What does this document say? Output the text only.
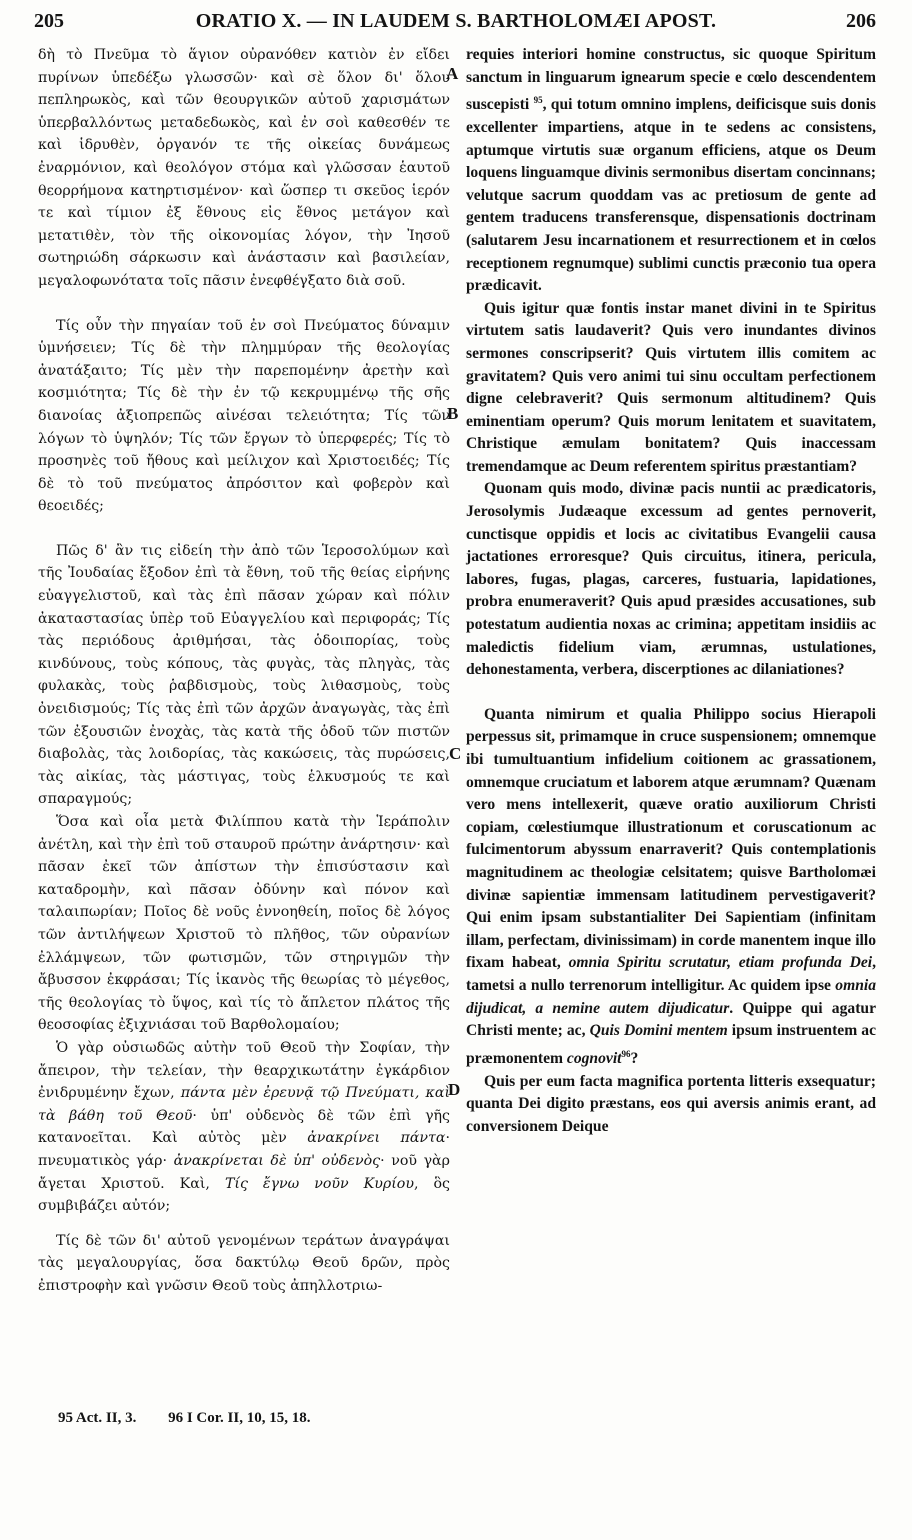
205	ORATIO X. — IN LAUDEM S. BARTHOLOMÆI APOST.	206

δὴ τὸ Πνεῦμα τὸ ἅγιον οὐρανόθεν κατιὸν ἐν εἴδει πυρίνων ὑπεδέξω γλωσσῶν· καὶ σὲ ὅλον δι' ὅλου πεπληρωκὸς, καὶ τῶν θεουργικῶν αὐτοῦ χαρισμάτων ὑπερβαλλόντως μεταδεδωκὸς, καὶ ἐν σοὶ καθεσθέν τε καὶ ἱδρυθὲν, ὀργανόν τε τῆς οἰκείας δυνάμεως ἐναρμόνιον, καὶ θεολόγον στόμα καὶ γλῶσσαν ἑαυτοῦ θεορρήμονα κατηρτισμένον· καὶ ὥσπερ τι σκεῦος ἱερόν τε καὶ τίμιον ἐξ ἔθνους εἰς ἔθνος μετάγον καὶ μετατιθὲν, τὸν τῆς οἰκονομίας λόγον, τὴν Ἰησοῦ σωτηριώδη σάρκωσιν καὶ ἀνάστασιν καὶ βασιλείαν, μεγαλοφωνότατα τοῖς πᾶσιν ἐνεφθέγξατο διὰ σοῦ.

Τίς οὖν τὴν πηγαίαν τοῦ ἐν σοὶ Πνεύματος δύναμιν ὑμνήσειεν; Τίς δὲ τὴν πλημμύραν τῆς θεολογίας ἀνατάξαιτο; Τίς μὲν τὴν παρεπομένην ἀρετὴν καὶ κοσμιότητα; Τίς δὲ τὴν ἐν τῷ κεκρυμμένῳ τῆς σῆς διανοίας ἀξιοπρεπῶς αἰνέσαι τελειότητα; Τίς τῶν λόγων τὸ ὑψηλόν; Τίς τῶν ἔργων τὸ ὑπερφερές; Τίς τὸ προσηνὲς τοῦ ἤθους καὶ μείλιχον καὶ Χριστοειδές; Τίς δὲ τὸ τοῦ πνεύματος ἀπρόσιτον καὶ φοβερὸν καὶ θεοειδές;

Πῶς δ' ἂν τις εἰδείη τὴν ἀπὸ τῶν Ἱεροσολύμων καὶ τῆς Ἰουδαίας ἔξοδον ἐπὶ τὰ ἔθνη, τοῦ τῆς θείας εἰρήνης εὐαγγελιστοῦ, καὶ τὰς ἐπὶ πᾶσαν χώραν καὶ πόλιν ἀκαταστασίας ὑπὲρ τοῦ Εὐαγγελίου καὶ περιφοράς; Τίς τὰς περιόδους ἀριθμήσαι, τὰς ὁδοιπορίας, τοὺς κινδύνους, τοὺς κόπους, τὰς φυγὰς, τὰς πληγὰς, τὰς φυλακὰς, τοὺς ῥαβδισμοὺς, τοὺς λιθασμοὺς, τοὺς ὀνειδισμούς; Τίς τὰς ἐπὶ τῶν ἀρχῶν ἀναγωγὰς, τὰς ἐπὶ τῶν ἐξουσιῶν ἐνοχὰς, τὰς κατὰ τῆς ὁδοῦ τῶν πιστῶν διαβολὰς, τὰς λοιδορίας, τὰς κακώσεις, τὰς πυρώσεις, τὰς αἰκίας, τὰς μάστιγας, τοὺς ἑλκυσμούς τε καὶ σπαραγμούς;

Ὅσα καὶ οἷα μετὰ Φιλίππου κατὰ τὴν Ἱεράπολιν ἀνέτλη, καὶ τὴν ἐπὶ τοῦ σταυροῦ πρώτην ἀνάρτησιν· καὶ πᾶσαν ἐκεῖ τῶν ἀπίστων τὴν ἐπισύστασιν καὶ καταδρομὴν, καὶ πᾶσαν ὀδύνην καὶ πόνον καὶ ταλαιπωρίαν; Ποῖος δὲ νοῦς ἐννοηθείη, ποῖος δὲ λόγος τῶν ἀντιλήψεων Χριστοῦ τὸ πλῆθος, τῶν οὐρανίων ἐλλάμψεων, τῶν φωτισμῶν, τῶν στηριγμῶν τὴν ἄβυσσον ἐκφράσαι; Τίς ἱκανὸς τῆς θεωρίας τὸ μέγεθος, τῆς θεολογίας τὸ ὕψος, καὶ τίς τὸ ἄπλετον πλάτος τῆς θεοσοφίας ἐξιχνιάσαι τοῦ Βαρθολομαίου;

Ὁ γὰρ οὐσιωδῶς αὐτὴν τοῦ Θεοῦ τὴν Σοφίαν, τὴν ἄπειρον, τὴν τελείαν, τὴν θεαρχικωτάτην ἐγκάρδιον ἐνιδρυμένην ἔχων, πάντα μὲν ἐρευνᾷ τῷ Πνεύματι, καὶ τὰ βάθη τοῦ Θεοῦ· ὑπ' οὐδενὸς δὲ τῶν ἐπὶ γῆς κατανοεῖται. Καὶ αὐτὸς μὲν ἀνακρίνει πάντα· πνευματικὸς γάρ· ἀνακρίνεται δὲ ὑπ' οὐδενὸς· νοῦ γὰρ ἄγεται Χριστοῦ. Καὶ, Τίς ἔγνω νοῦν Κυρίου, ὃς συμβιβάζει αὐτόν;

Τίς δὲ τῶν δι' αὐτοῦ γενομένων τεράτων ἀναγράψαι τὰς μεγαλουργίας, ὅσα δακτύλῳ Θεοῦ δρῶν, πρὸς ἐπιστροφὴν καὶ γνῶσιν Θεοῦ τοὺς ἀπηλλοτριω-

requies interiori homine constructus, sic quoque Spiritum sanctum in linguarum ignearum specie e cœlo descendentem suscepisti $^{95}$, qui totum omnino implens, deificisque suis donis excellenter impartiens, atque in te sedens ac consistens, aptumque virtutis suæ organum efficiens, atque os Deum loquens linguamque divinis sermonibus disertam concinnans; velutque sacrum quoddam vas ac pretiosum de gente ad gentem traducens transferensque, dispensationis doctrinam (salutarem Jesu incarnationem et resurrectionem et in cœlos receptionem regnumque) sublimi cunctis præconio tua opera prædicavit.

Quis igitur quæ fontis instar manet divini in te Spiritus virtutem satis laudaverit? Quis vero inundantes divinos sermones conscripserit? Quis virtutem illis comitem ac gravitatem? Quis vero animi tui sinu occultam perfectionem digne celebraverit? Quis sermonum altitudinem? Quis eminentiam operum? Quis morum lenitatem et suavitatem, Christique æmulam bonitatem? Quis inaccessam tremendamque ac Deum referentem spiritus præstantiam?

Quonam quis modo, divinæ pacis nuntii ac prædicatoris, Jerosolymis Judæaque excessum ad gentes pernoverit, cunctisque oppidis et locis ac civitatibus Evangelii causa jactationes erroresque? Quis circuitus, itinera, pericula, labores, fugas, plagas, carceres, fustuaria, lapidationes, probra enumeraverit? Quis apud præsides accusationes, sub potestatum audientia noxas ac crimina; appetitam insidiis ac maledictis fidelium viam, ærumnas, ustulationes, dehonestamenta, verbera, discerptiones ac dilaniationes?

Quanta nimirum et qualia Philippo socius Hierapoli perpessus sit, primamque in cruce suspensionem; omnemque ibi tumultuantium infidelium coitionem ac grassationem, omnemque cruciatum et laborem atque ærumnam? Quænam vero mens intellexerit, quæve oratio auxiliorum Christi copiam, cœlestiumque illustrationum et coruscationum ac fulcimentorum abyssum enarraverit? Quis contemplationis magnitudinem ac theologiæ celsitatem; quisve Bartholomæi divinæ sapientiæ immensam latitudinem pervestigaverit? Qui enim ipsam substantialiter Dei Sapientiam (infinitam illam, perfectam, divinissimam) in corde manentem inque illo fixam habeat, omnia Spiritu scrutatur, etiam profunda Dei, tametsi a nullo terrenorum intelligitur. Ac quidem ipse omnia dijudicat, a nemine autem dijudicatur. Quippe qui agatur Christi mente; ac, Quis Domini mentem ipsum instruentem ac præmonentem cognovit$^{96}$?

Quis per eum facta magnifica portenta litteris exsequatur; quanta Dei digito præstans, eos qui aversis animis erant, ad conversionem Deique

A
B
C
D
95 Act. II, 3. 96 I Cor. II, 10, 15, 18.
